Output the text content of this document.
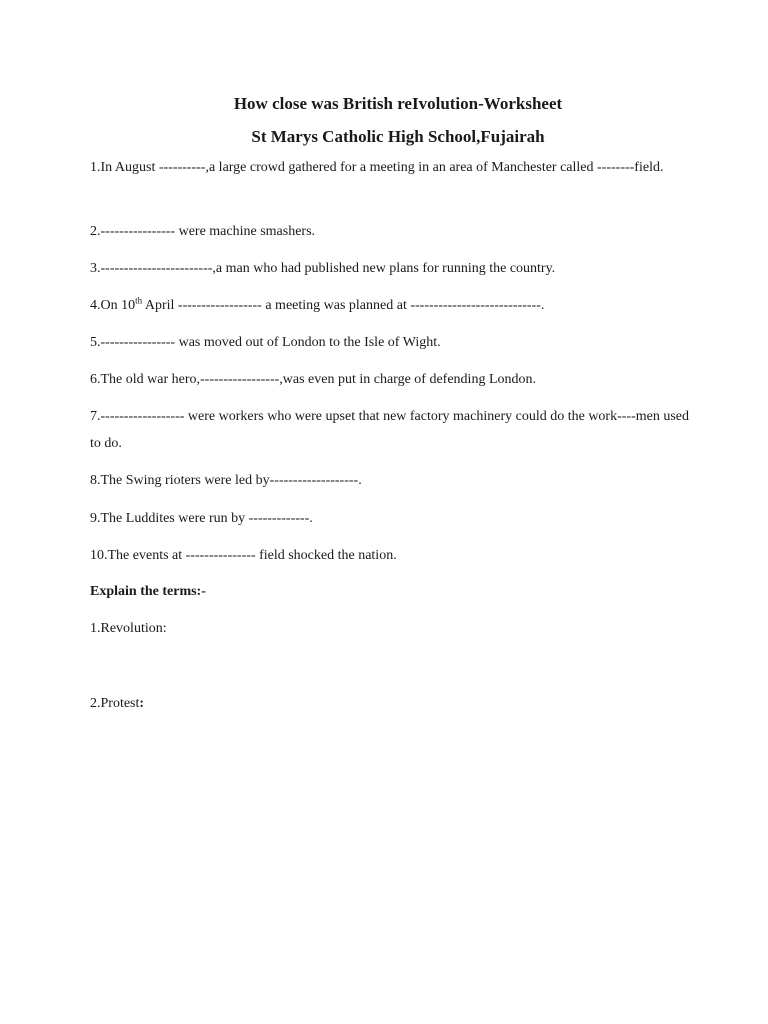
How close was British reIvolution-Worksheet
St Marys Catholic High School,Fujairah

1.In August ----------,a large crowd gathered for a meeting in an area of Manchester called --------field.

2.---------------- were machine smashers.

3.------------------------,a man who had published new plans for running the country.

4.On 10th April ------------------ a meeting was planned at ----------------------------.

5.---------------- was moved out of London to the Isle of Wight.

6.The old war hero,-----------------,was even put in charge of defending London.

7.------------------ were workers who were upset that new factory machinery could do the work----men used to do.

8.The Swing rioters were led by-------------------.

9.The Luddites were run by -------------.

10.The events at --------------- field shocked the nation.

Explain the terms:-

1.Revolution:

2.Protest:
